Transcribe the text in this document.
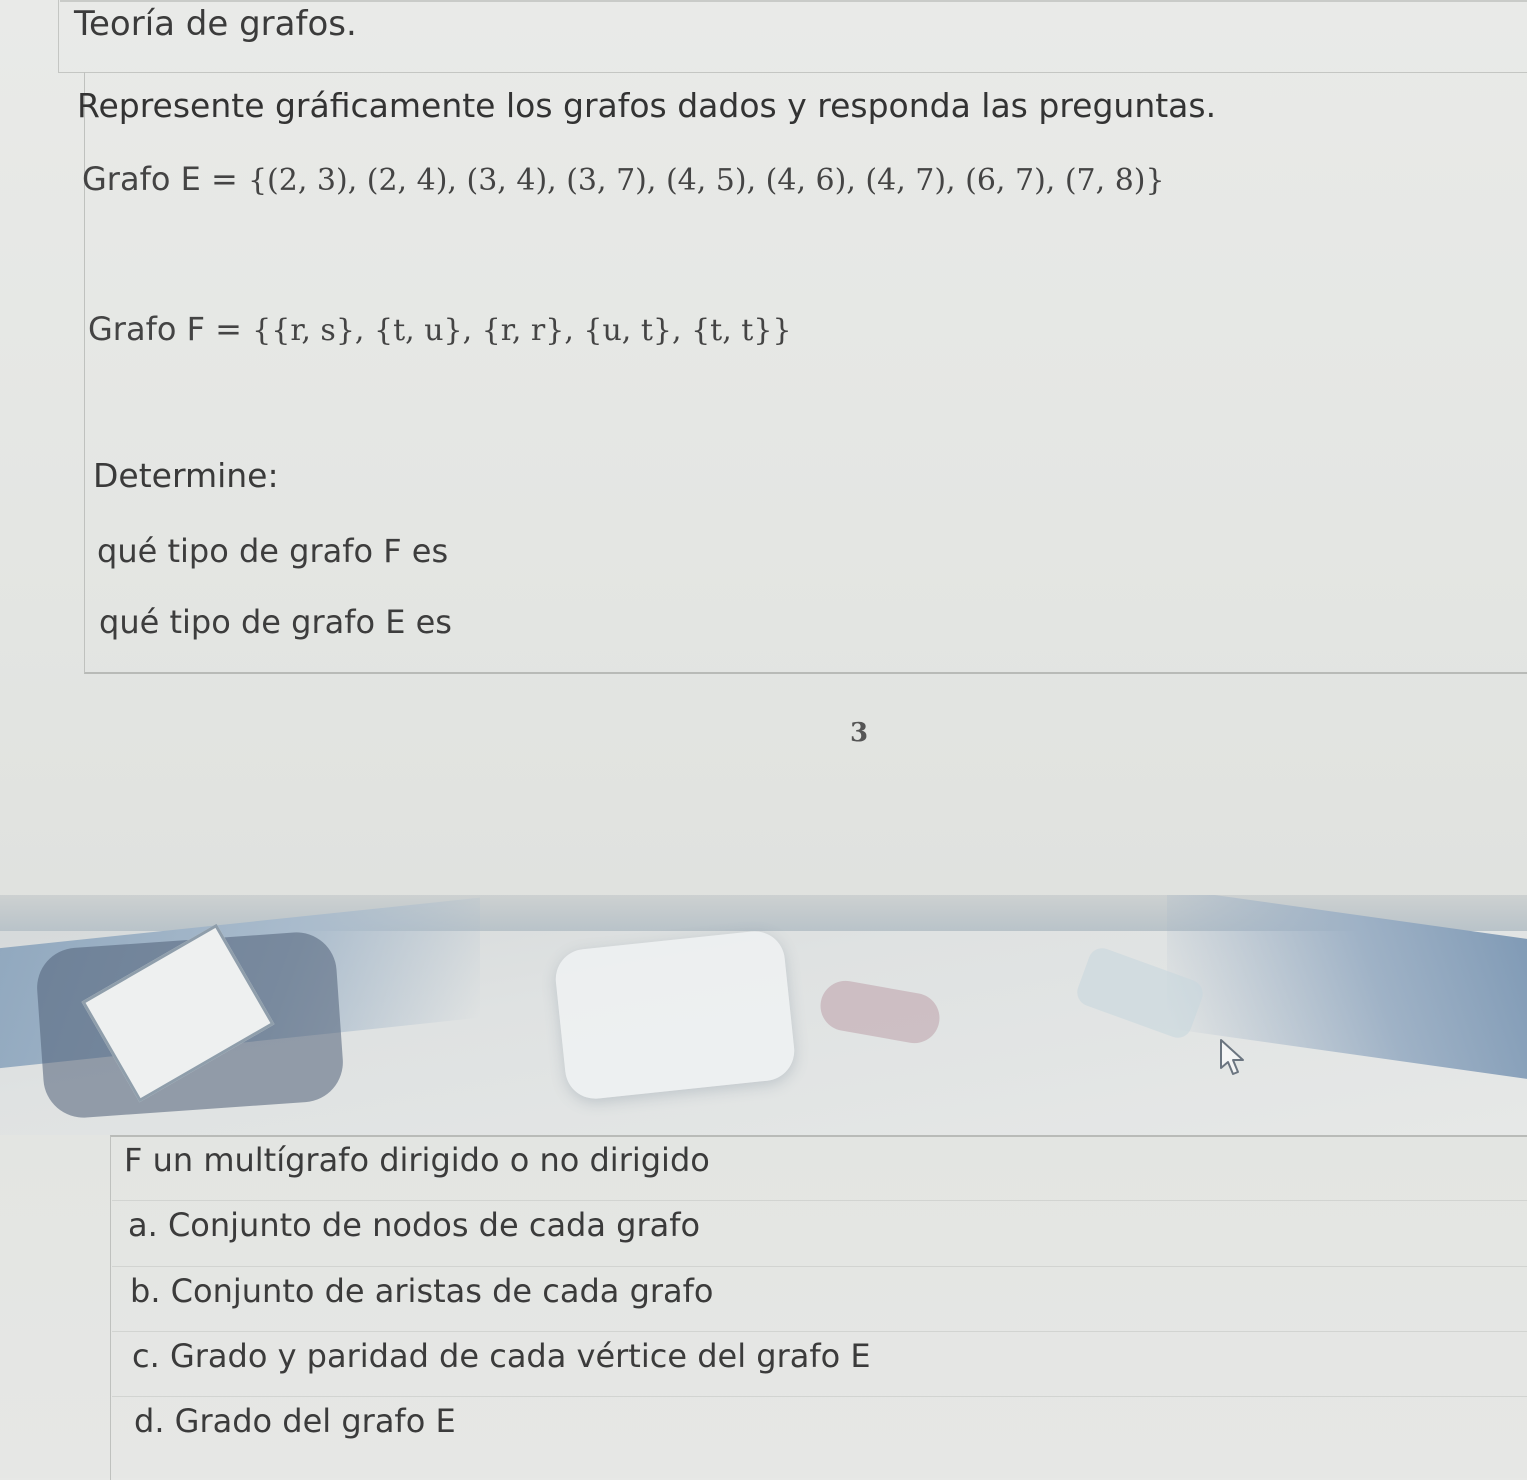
Teoría de grafos.
Represente gráficamente los grafos dados y responda las preguntas.
Grafo E = {(2, 3), (2, 4), (3, 4), (3, 7), (4, 5), (4, 6), (4, 7), (6, 7), (7, 8)}
Grafo F = {{r, s}, {t, u}, {r, r}, {u, t}, {t, t}}
Determine:
qué tipo de grafo F es
qué tipo de grafo E es
3
F un multígrafo dirigido o no dirigido
a. Conjunto de nodos de cada grafo
b. Conjunto de aristas de cada grafo
c. Grado y paridad de cada vértice del grafo E
d. Grado del grafo E
